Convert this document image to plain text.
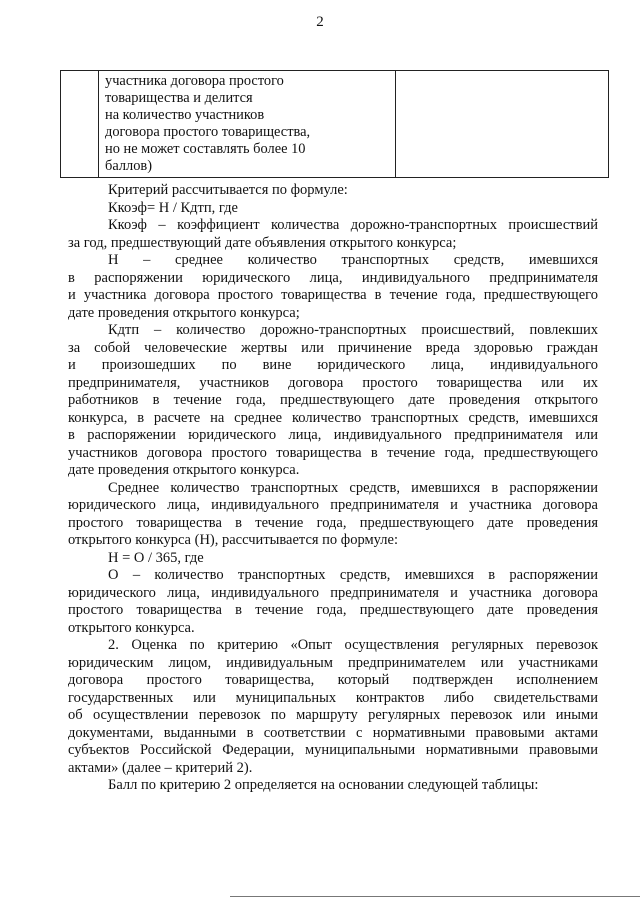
2
участника договора простого
товарищества и делится
на количество участников
договора простого товарищества,
но не может составлять более 10
баллов)
Критерий рассчитывается по формуле:
Ккоэф= Н / Кдтп, где
Ккоэф – коэффициент количества дорожно-транспортных происшествий
за год, предшествующий дате объявления открытого конкурса;
Н – среднее количество транспортных средств, имевшихся
в распоряжении юридического лица, индивидуального предпринимателя
и участника договора простого товарищества в течение года, предшествующего
дате проведения открытого конкурса;
Кдтп – количество дорожно-транспортных происшествий, повлекших
за собой человеческие жертвы или причинение вреда здоровью граждан
и произошедших по вине юридического лица, индивидуального
предпринимателя, участников договора простого товарищества или их
работников в течение года, предшествующего дате проведения открытого
конкурса, в расчете на среднее количество транспортных средств, имевшихся
в распоряжении юридического лица, индивидуального предпринимателя или
участников договора простого товарищества в течение года, предшествующего
дате проведения открытого конкурса.
Среднее количество транспортных средств, имевшихся в распоряжении
юридического лица, индивидуального предпринимателя и участника договора
простого товарищества в течение года, предшествующего дате проведения
открытого конкурса (Н), рассчитывается по формуле:
Н = О / 365, где
О – количество транспортных средств, имевшихся в распоряжении
юридического лица, индивидуального предпринимателя и участника договора
простого товарищества в течение года, предшествующего дате проведения
открытого конкурса.
2. Оценка по критерию «Опыт осуществления регулярных перевозок
юридическим лицом, индивидуальным предпринимателем или участниками
договора простого товарищества, который подтвержден исполнением
государственных или муниципальных контрактов либо свидетельствами
об осуществлении перевозок по маршруту регулярных перевозок или иными
документами, выданными в соответствии с нормативными правовыми актами
субъектов Российской Федерации, муниципальными нормативными правовыми
актами» (далее – критерий 2).
Балл по критерию 2 определяется на основании следующей таблицы:
